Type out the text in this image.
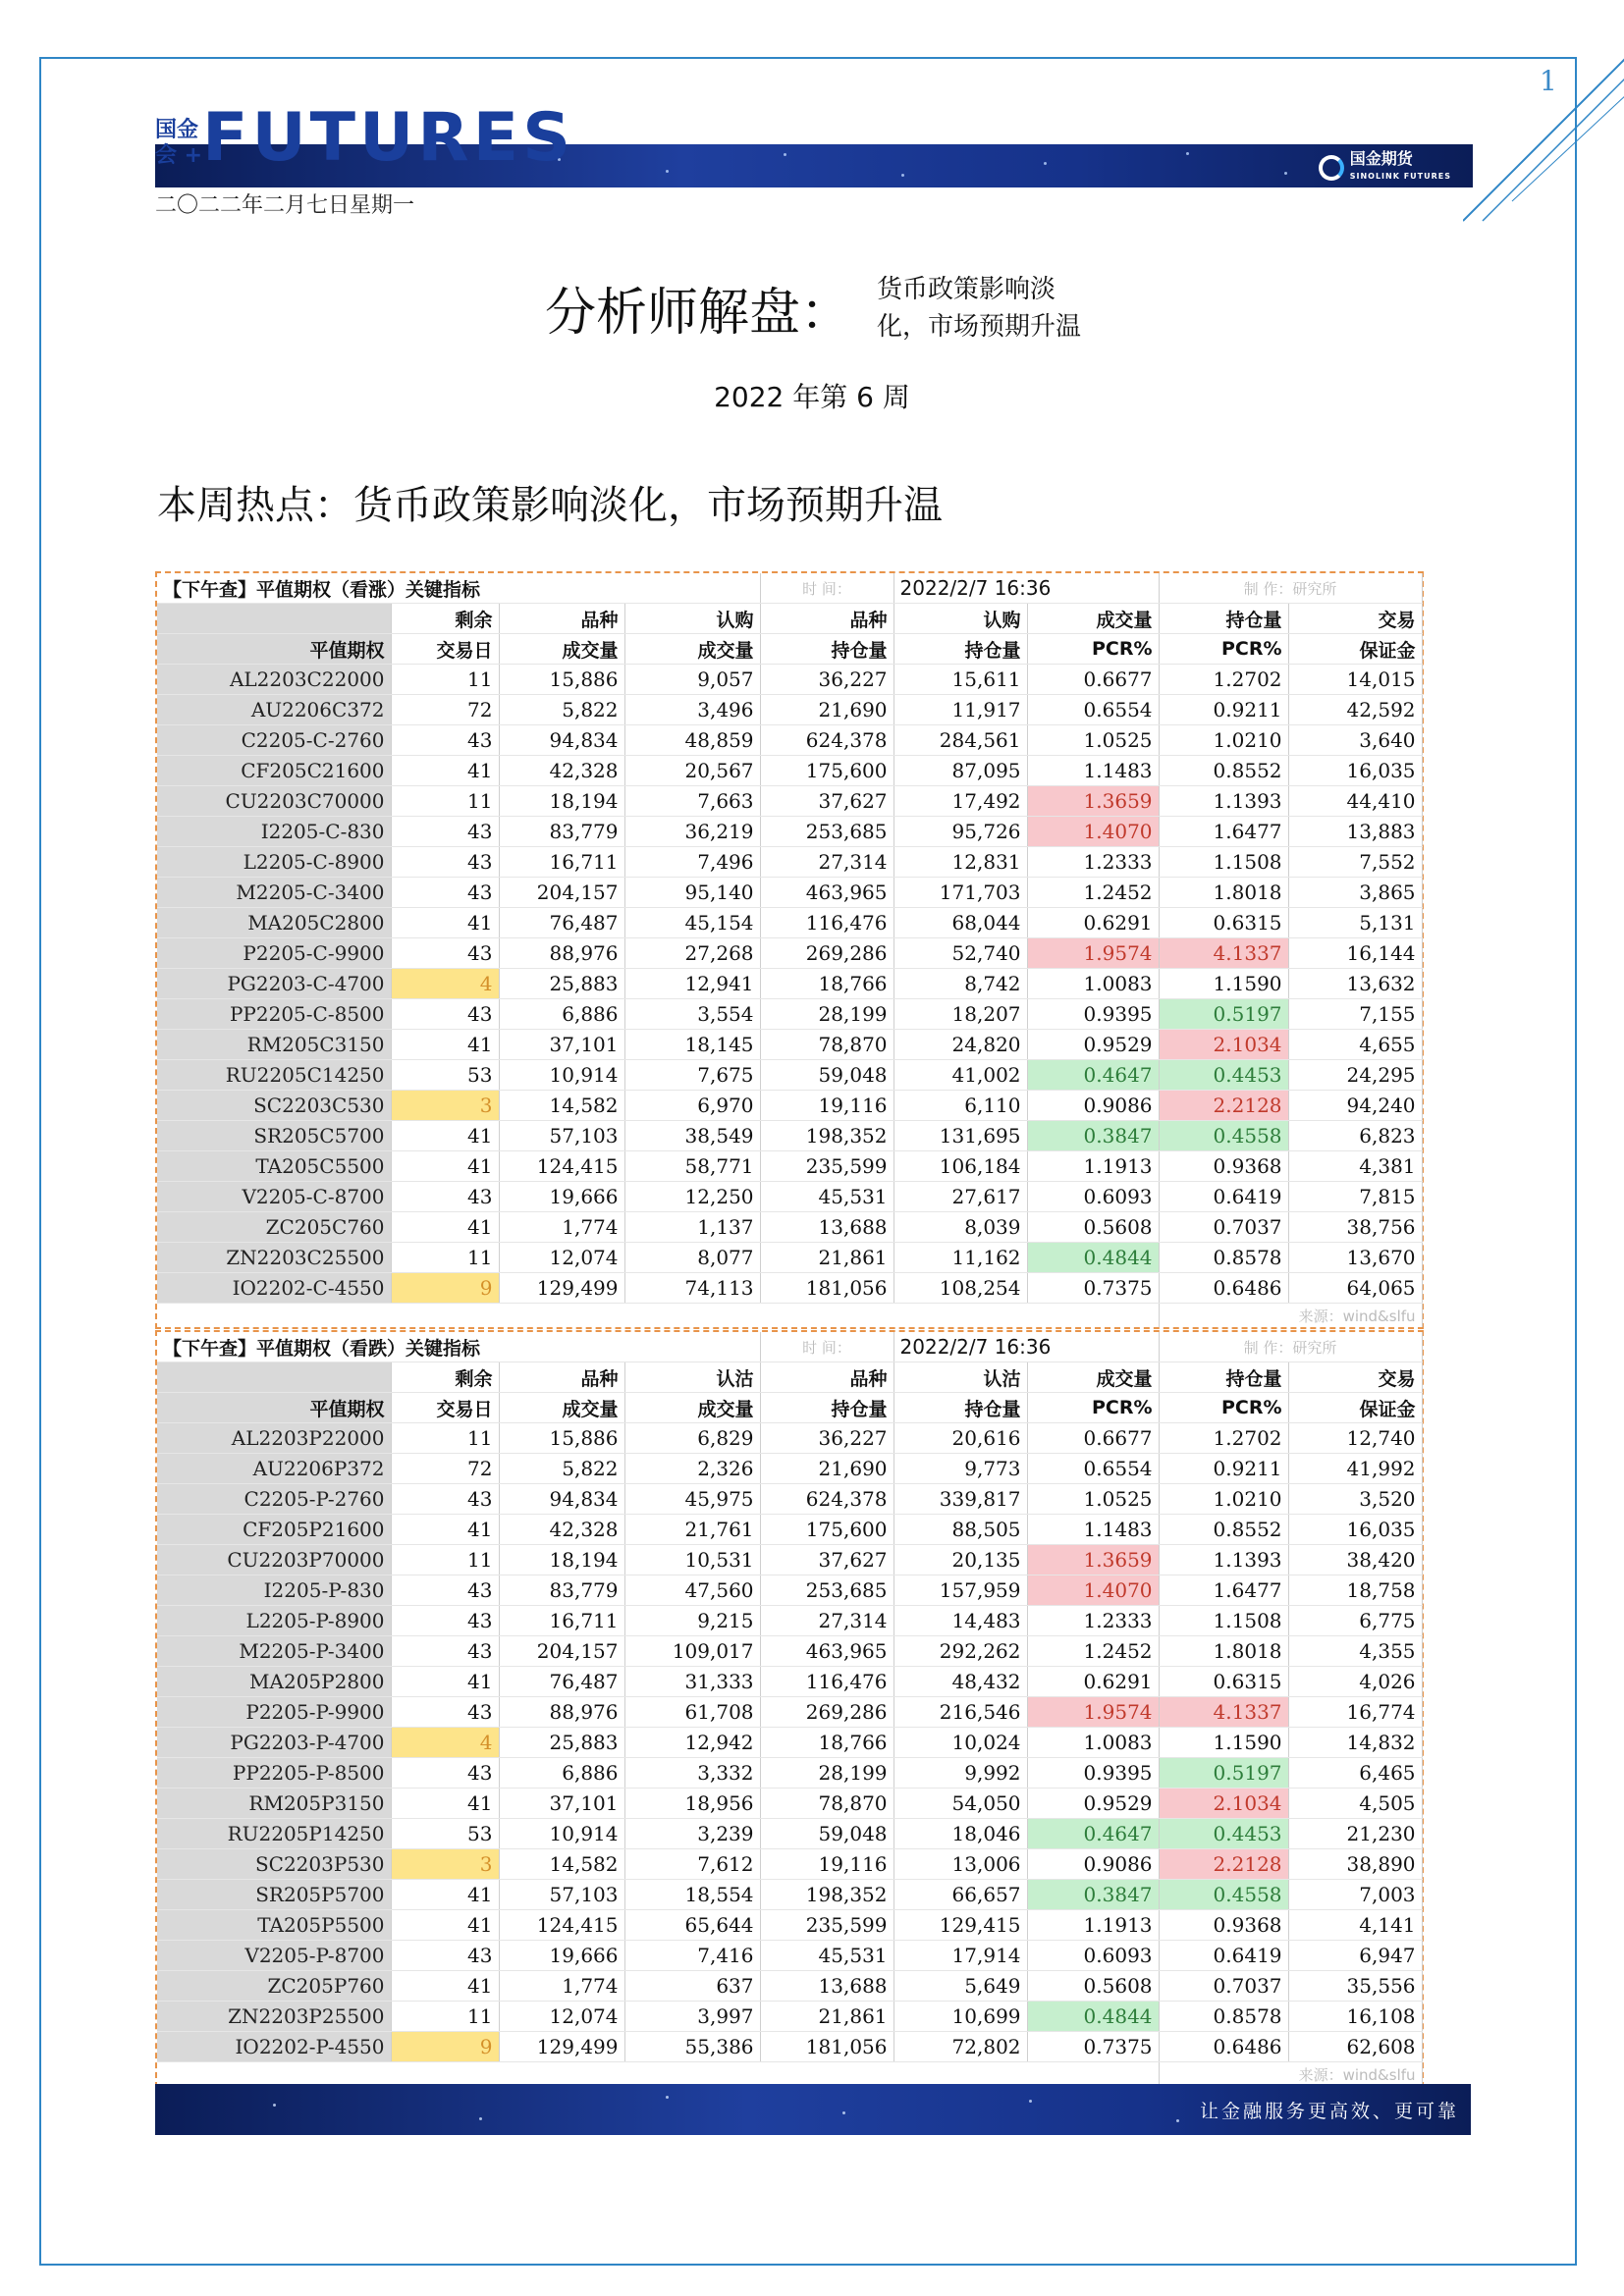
1
国金期货
SINOLINK FUTURES
国金
会 + FUTURES
二〇二二年二月七日星期一
分析师解盘： 货币政策影响淡化，市场预期升温
2022 年第 6 周
本周热点：货币政策影响淡化，市场预期升温
【下午查】平值期权（看涨）关键指标				时 间：	2022/2/7 16:36		制 作：研究所	
	剩余	品种	认购	品种	认购	成交量	持仓量	交易
平值期权	交易日	成交量	成交量	持仓量	持仓量	PCR%	PCR%	保证金
AL2203C22000	11	15,886	9,057	36,227	15,611	0.6677	1.2702	14,015
AU2206C372	72	5,822	3,496	21,690	11,917	0.6554	0.9211	42,592
C2205-C-2760	43	94,834	48,859	624,378	284,561	1.0525	1.0210	3,640
CF205C21600	41	42,328	20,567	175,600	87,095	1.1483	0.8552	16,035
CU2203C70000	11	18,194	7,663	37,627	17,492	1.3659	1.1393	44,410
I2205-C-830	43	83,779	36,219	253,685	95,726	1.4070	1.6477	13,883
L2205-C-8900	43	16,711	7,496	27,314	12,831	1.2333	1.1508	7,552
M2205-C-3400	43	204,157	95,140	463,965	171,703	1.2452	1.8018	3,865
MA205C2800	41	76,487	45,154	116,476	68,044	0.6291	0.6315	5,131
P2205-C-9900	43	88,976	27,268	269,286	52,740	1.9574	4.1337	16,144
PG2203-C-4700	4	25,883	12,941	18,766	8,742	1.0083	1.1590	13,632
PP2205-C-8500	43	6,886	3,554	28,199	18,207	0.9395	0.5197	7,155
RM205C3150	41	37,101	18,145	78,870	24,820	0.9529	2.1034	4,655
RU2205C14250	53	10,914	7,675	59,048	41,002	0.4647	0.4453	24,295
SC2203C530	3	14,582	6,970	19,116	6,110	0.9086	2.2128	94,240
SR205C5700	41	57,103	38,549	198,352	131,695	0.3847	0.4558	6,823
TA205C5500	41	124,415	58,771	235,599	106,184	1.1913	0.9368	4,381
V2205-C-8700	43	19,666	12,250	45,531	27,617	0.6093	0.6419	7,815
ZC205C760	41	1,774	1,137	13,688	8,039	0.5608	0.7037	38,756
ZN2203C25500	11	12,074	8,077	21,861	11,162	0.4844	0.8578	13,670
IO2202-C-4550	9	129,499	74,113	181,056	108,254	0.7375	0.6486	64,065
							来源：wind&slfu	
【下午查】平值期权（看跌）关键指标				时 间：	2022/2/7 16:36		制 作：研究所	
	剩余	品种	认沽	品种	认沽	成交量	持仓量	交易
平值期权	交易日	成交量	成交量	持仓量	持仓量	PCR%	PCR%	保证金
AL2203P22000	11	15,886	6,829	36,227	20,616	0.6677	1.2702	12,740
AU2206P372	72	5,822	2,326	21,690	9,773	0.6554	0.9211	41,992
C2205-P-2760	43	94,834	45,975	624,378	339,817	1.0525	1.0210	3,520
CF205P21600	41	42,328	21,761	175,600	88,505	1.1483	0.8552	16,035
CU2203P70000	11	18,194	10,531	37,627	20,135	1.3659	1.1393	38,420
I2205-P-830	43	83,779	47,560	253,685	157,959	1.4070	1.6477	18,758
L2205-P-8900	43	16,711	9,215	27,314	14,483	1.2333	1.1508	6,775
M2205-P-3400	43	204,157	109,017	463,965	292,262	1.2452	1.8018	4,355
MA205P2800	41	76,487	31,333	116,476	48,432	0.6291	0.6315	4,026
P2205-P-9900	43	88,976	61,708	269,286	216,546	1.9574	4.1337	16,774
PG2203-P-4700	4	25,883	12,942	18,766	10,024	1.0083	1.1590	14,832
PP2205-P-8500	43	6,886	3,332	28,199	9,992	0.9395	0.5197	6,465
RM205P3150	41	37,101	18,956	78,870	54,050	0.9529	2.1034	4,505
RU2205P14250	53	10,914	3,239	59,048	18,046	0.4647	0.4453	21,230
SC2203P530	3	14,582	7,612	19,116	13,006	0.9086	2.2128	38,890
SR205P5700	41	57,103	18,554	198,352	66,657	0.3847	0.4558	7,003
TA205P5500	41	124,415	65,644	235,599	129,415	1.1913	0.9368	4,141
V2205-P-8700	43	19,666	7,416	45,531	17,914	0.6093	0.6419	6,947
ZC205P760	41	1,774	637	13,688	5,649	0.5608	0.7037	35,556
ZN2203P25500	11	12,074	3,997	21,861	10,699	0.4844	0.8578	16,108
IO2202-P-4550	9	129,499	55,386	181,056	72,802	0.7375	0.6486	62,608
							来源：wind&slfu	
让金融服务更高效、更可靠
